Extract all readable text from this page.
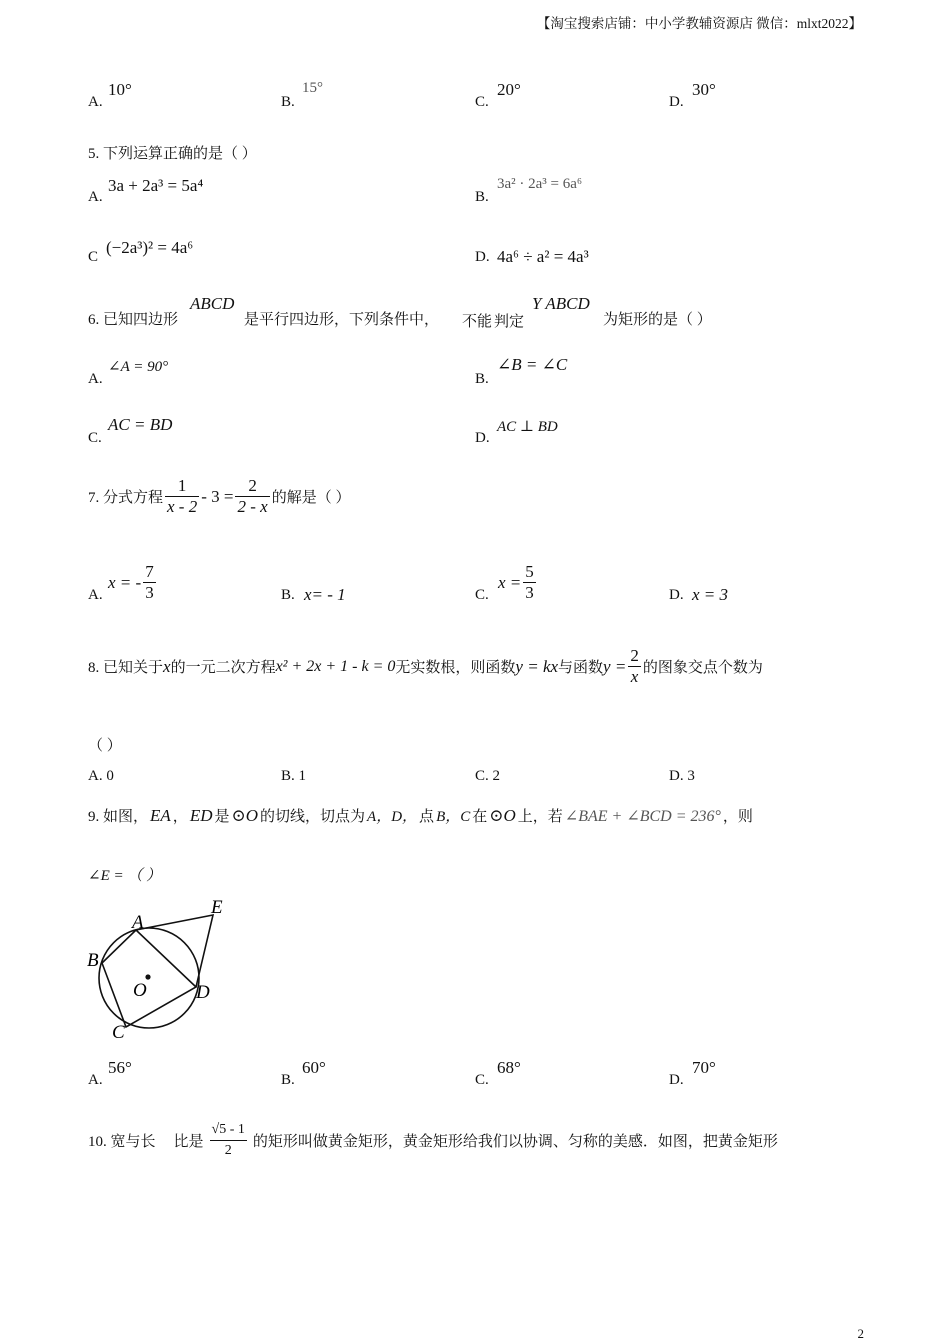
【淘宝搜索店铺：中小学教辅资源店 微信：mlxt2022】
A.
10°
B.
15°
C.
20°
D.
30°
5. 下列运算正确的是（ ）
A.
3a + 2a³ = 5a⁴
B.
3a² · 2a³ = 6a⁶
C (−2a³)² = 4a⁶	D. 4a⁶ ÷ a² = 4a³
6. 已知四边形
ABCD
是平行四边形，下列条件中， 不能 判定
Y ABCD
为矩形的是（ ）
A.
∠A = 90°
B.
∠B = ∠C
C.
AC = BD
D.
AC ⊥ BD
7. 分式方程 $\frac{1}{x - 2} - 3 = \frac{2}{2 - x}$ 的解是（ ）
A.
x = - $\frac{7}{3}$	B. x= - 1	C.
$x = \frac{5}{3}$	D. x = 3
8. 已知关于 x 的一元二次方程 x² + 2x + 1 - k = 0 无实数根，则函数 y = kx 与函数 $y = \frac{2}{x}$ 的图象交点个数为
（ ）
A. 0	B. 1	C. 2	D. 3
9. 如图， EA ， ED 是 ⊙O 的切线，切点为 A，D， 点 B，C 在 ⊙O 上，若 ∠BAE + ∠BCD = 236° ，则
∠E = （ ）
A
B
C
D
E
O
A.
56°
B.
60°
C.
68°
D.
70°
10. 宽与长 比是 $\frac{√5 - 1}{2}$ 的矩形叫做黄金矩形，黄金矩形给我们以协调、匀称的美感．如图，把黄金矩形
2
